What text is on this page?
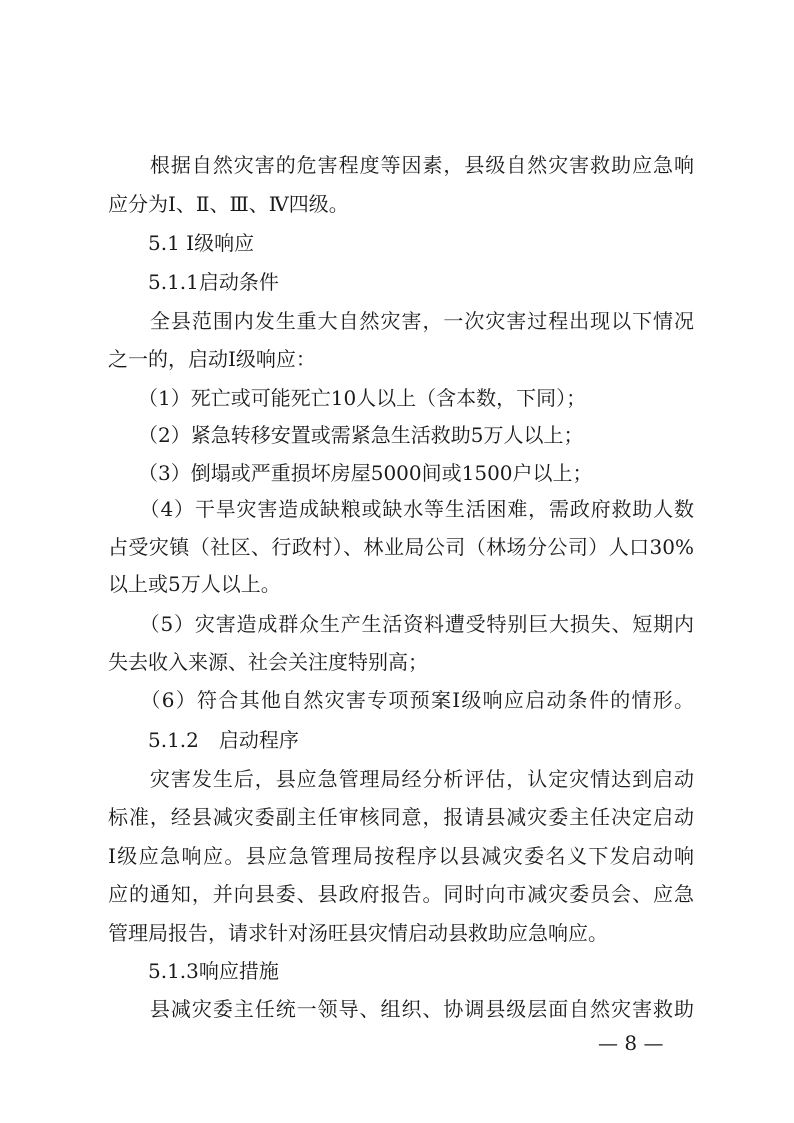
　　根据自然灾害的危害程度等因素，县级自然灾害救助应急响
应分为Ⅰ、Ⅱ、Ⅲ、Ⅳ四级。
　　5.1 Ⅰ级响应
　　5.1.1启动条件
　　全县范围内发生重大自然灾害，一次灾害过程出现以下情况
之一的，启动Ⅰ级响应：
　　（1）死亡或可能死亡10人以上（含本数，下同）；
　　（2）紧急转移安置或需紧急生活救助5万人以上；
　　（3）倒塌或严重损坏房屋5000间或1500户以上；
　　（4）干旱灾害造成缺粮或缺水等生活困难，需政府救助人数
占受灾镇（社区、行政村）、林业局公司（林场分公司）人口30%
以上或5万人以上。
　　（5）灾害造成群众生产生活资料遭受特别巨大损失、短期内
失去收入来源、社会关注度特别高；
　　（6）符合其他自然灾害专项预案Ⅰ级响应启动条件的情形。
　　5.1.2　启动程序
　　灾害发生后，县应急管理局经分析评估，认定灾情达到启动
标准，经县减灾委副主任审核同意，报请县减灾委主任决定启动
Ⅰ级应急响应。县应急管理局按程序以县减灾委名义下发启动响
应的通知，并向县委、县政府报告。同时向市减灾委员会、应急
管理局报告，请求针对汤旺县灾情启动县救助应急响应。
　　5.1.3响应措施
　　县减灾委主任统一领导、组织、协调县级层面自然灾害救助
— 8 —
